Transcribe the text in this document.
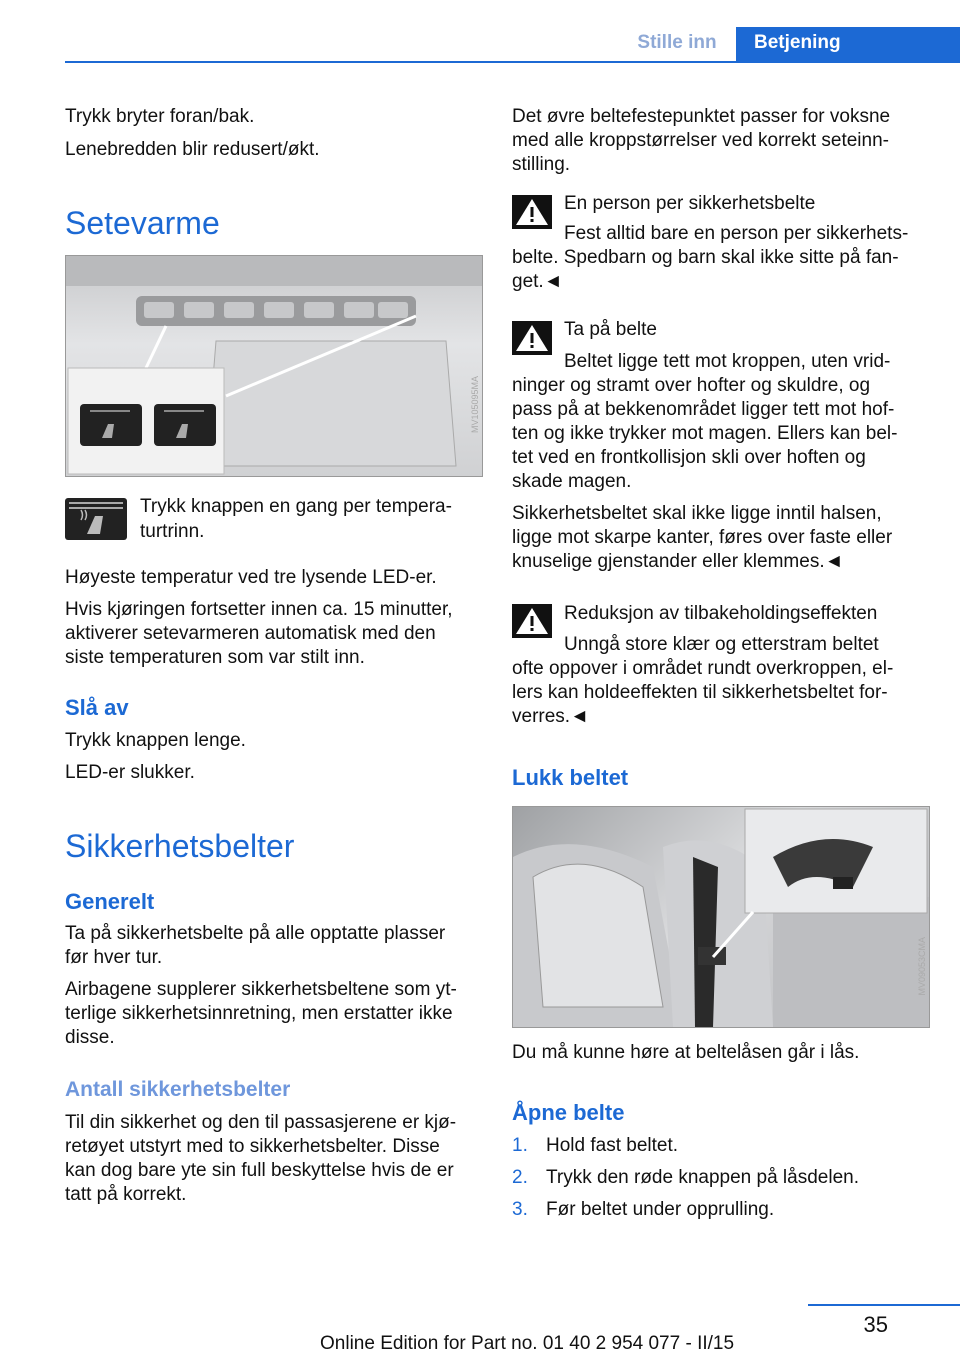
Stille inn	Betjening

Trykk bryter foran/bak.

Lenebredden blir redusert/økt.

Setevarme
MV105095MA

Trykk knappen en gang per tempera‐

turtrinn.

Høyeste temperatur ved tre lysende LED-er.

Hvis kjøringen fortsetter innen ca. 15 minutter,

aktiverer setevarmeren automatisk med den

siste temperaturen som var stilt inn.

Slå av

Trykk knappen lenge.

LED-er slukker.

Sikkerhetsbelter
Generelt

Ta på sikkerhetsbelte på alle opptatte plasser

før hver tur.

Airbagene supplerer sikkerhetsbeltene som yt‐

terlige sikkerhetsinnretning, men erstatter ikke

disse.

Antall sikkerhetsbelter

Til din sikkerhet og den til passasjerene er kjø‐

retøyet utstyrt med to sikkerhetsbelter. Disse

kan dog bare yte sin full beskyttelse hvis de er

tatt på korrekt.

Det øvre beltefestepunktet passer for voksne

med alle kroppstørrelser ved korrekt seteinn‐

stilling.

En person per sikkerhetsbelte

Fest alltid bare en person per sikkerhets‐

belte. Spedbarn og barn skal ikke sitte på fan‐

get.◄

Ta på belte

Beltet ligge tett mot kroppen, uten vrid‐

ninger og stramt over hofter og skuldre, og

pass på at bekkenområdet ligger tett mot hof‐

ten og ikke trykker mot magen. Ellers kan bel‐

tet ved en frontkollisjon skli over hoften og

skade magen.

Sikkerhetsbeltet skal ikke ligge inntil halsen,

ligge mot skarpe kanter, føres over faste eller

knuselige gjenstander eller klemmes.◄

Reduksjon av tilbakeholdingseffekten

Unngå store klær og etterstram beltet

ofte oppover i området rundt overkroppen, el‐

lers kan holdeeffekten til sikkerhetsbeltet for‐

verres.◄

Lukk beltet
MV09053CMA

Du må kunne høre at beltelåsen går i lås.

Åpne belte

1. Hold fast beltet.

2. Trykk den røde knappen på låsdelen.

3. Før beltet under opprulling.

35
Online Edition for Part no. 01 40 2 954 077 - II/15
